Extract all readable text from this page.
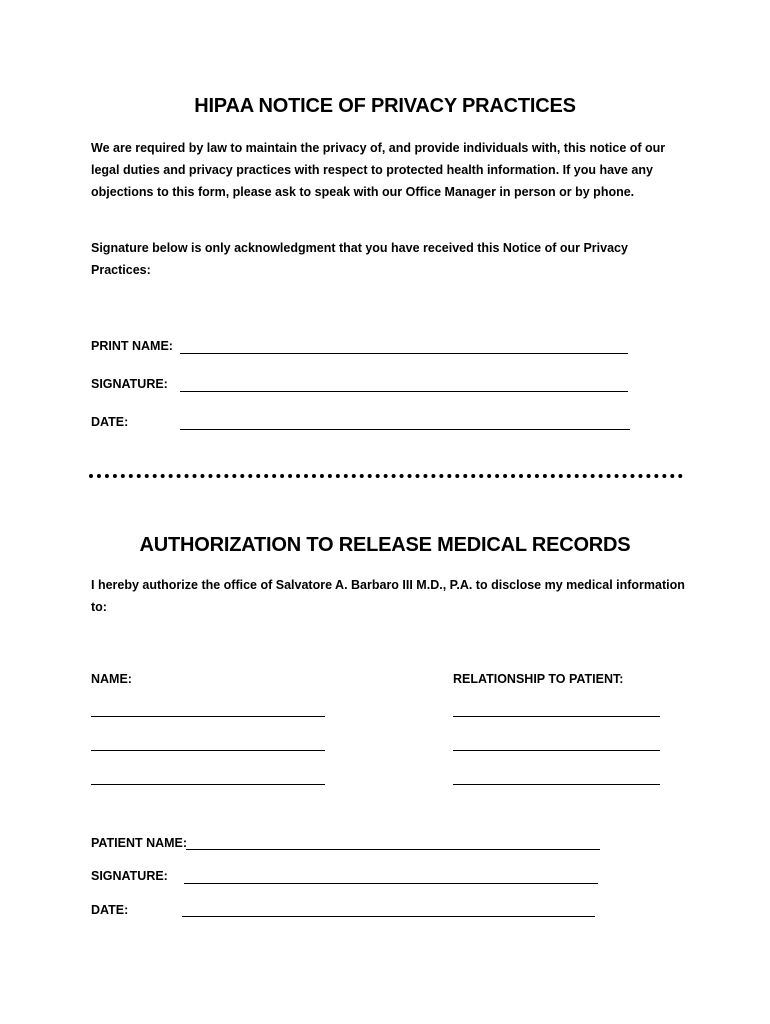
HIPAA NOTICE OF PRIVACY PRACTICES
We are required by law to maintain the privacy of, and provide individuals with, this notice of our legal duties and privacy practices with respect to protected health information. If you have any objections to this form, please ask to speak with our Office Manager in person or by phone.
Signature below is only acknowledgment that you have received this Notice of our Privacy Practices:
PRINT NAME:
SIGNATURE:
DATE:
AUTHORIZATION TO RELEASE MEDICAL RECORDS
I hereby authorize the office of Salvatore A. Barbaro III M.D., P.A. to disclose my medical information to:
NAME:	RELATIONSHIP TO PATIENT:
PATIENT NAME:
SIGNATURE:
DATE:
